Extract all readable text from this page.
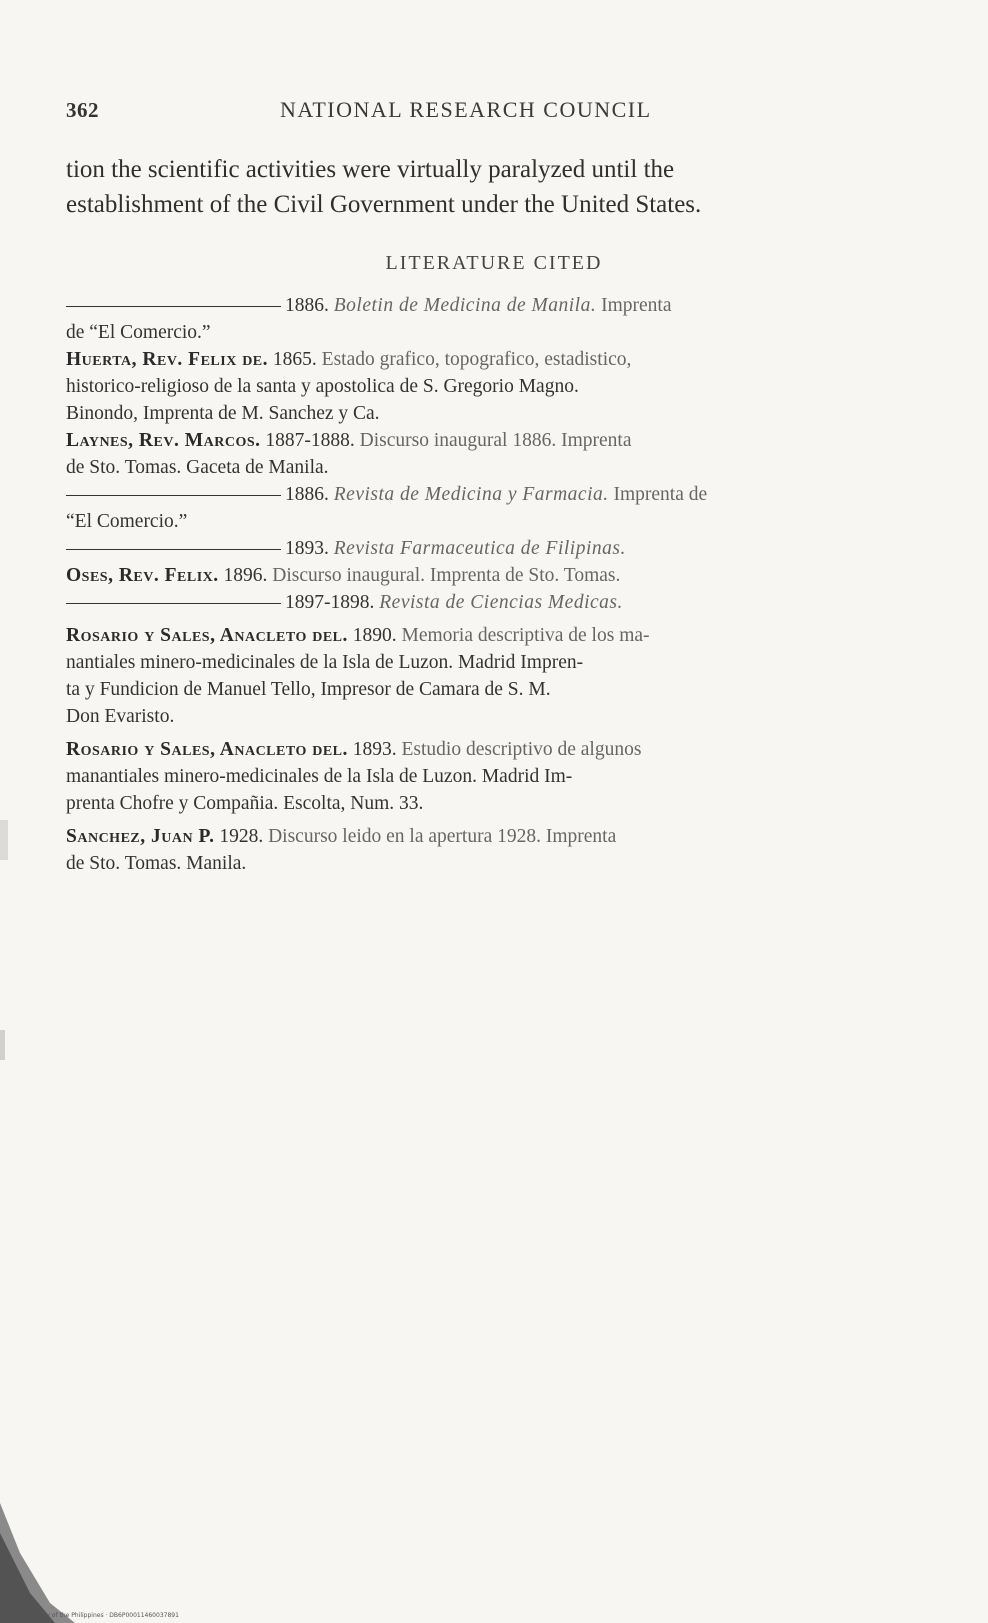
362	NATIONAL RESEARCH COUNCIL
tion the scientific activities were virtually paralyzed until the
establishment of the Civil Government under the United States.
LITERATURE CITED
1886. Boletin de Medicina de Manila. Imprenta
de “El Comercio.”
Huerta, Rev. Felix de. 1865. Estado grafico, topografico, estadistico,
historico-religioso de la santa y apostolica de S. Gregorio Magno.
Binondo, Imprenta de M. Sanchez y Ca.
Laynes, Rev. Marcos. 1887-1888. Discurso inaugural 1886. Imprenta
de Sto. Tomas. Gaceta de Manila.
1886. Revista de Medicina y Farmacia. Imprenta de
“El Comercio.”
1893. Revista Farmaceutica de Filipinas.
Oses, Rev. Felix. 1896. Discurso inaugural. Imprenta de Sto. Tomas.
1897-1898. Revista de Ciencias Medicas.
Rosario y Sales, Anacleto del. 1890. Memoria descriptiva de los ma-
nantiales minero-medicinales de la Isla de Luzon. Madrid Impren-
ta y Fundicion de Manuel Tello, Impresor de Camara de S. M.
Don Evaristo.
Rosario y Sales, Anacleto del. 1893. Estudio descriptivo de algunos
manantiales minero-medicinales de la Isla de Luzon. Madrid Im-
prenta Chofre y Compañia. Escolta, Num. 33.
Sanchez, Juan P. 1928. Discurso leido en la apertura 1928. Imprenta
de Sto. Tomas. Manila.
National Library of the Philippines · DB6P00011460037891
